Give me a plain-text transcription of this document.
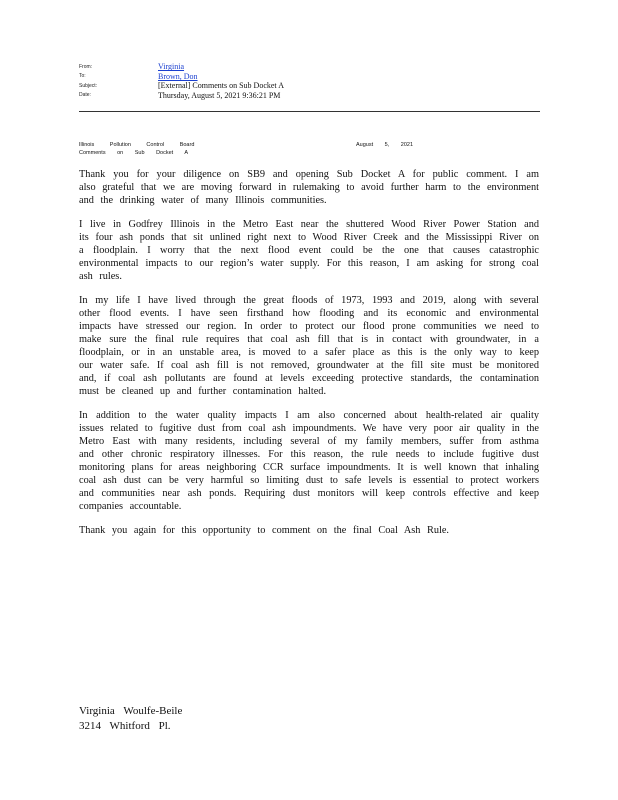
From:	Virginia
To:	Brown, Don
Subject:	[External] Comments on Sub Docket A
Date:	Thursday, August 5, 2021 9:36:21 PM
Illinois Pollution Control Board	August 5, 2021
Comments on Sub Docket A

Thank you for your diligence on SB9 and opening Sub Docket A for public comment. I am also grateful that we are moving forward in rulemaking to avoid further harm to the environment and the drinking water of many Illinois communities.

I live in Godfrey Illinois in the Metro East near the shuttered Wood River Power Station and its four ash ponds that sit unlined right next to Wood River Creek and the Mississippi River on a floodplain. I worry that the next flood event could be the one that causes catastrophic environmental impacts to our region’s water supply. For this reason, I am asking for strong coal ash rules.

In my life I have lived through the great floods of 1973, 1993 and 2019, along with several other flood events. I have seen firsthand how flooding and its economic and environmental impacts have stressed our region. In order to protect our flood prone communities we need to make sure the final rule requires that coal ash fill that is in contact with groundwater, in a floodplain, or in an unstable area, is moved to a safer place as this is the only way to keep our water safe. If coal ash fill is not removed, groundwater at the fill site must be monitored and, if coal ash pollutants are found at levels exceeding protective standards, the contamination must be cleaned up and further contamination halted.

In addition to the water quality impacts I am also concerned about health-related air quality issues related to fugitive dust from coal ash impoundments. We have very poor air quality in the Metro East with many residents, including several of my family members, suffer from asthma and other chronic respiratory illnesses. For this reason, the rule needs to include fugitive dust monitoring plans for areas neighboring CCR surface impoundments. It is well known that inhaling coal ash dust can be very harmful so limiting dust to safe levels is essential to protect workers and communities near ash ponds. Requiring dust monitors will keep controls effective and keep companies accountable.

Thank you again for this opportunity to comment on the final Coal Ash Rule.

Virginia Woulfe-Beile
3214 Whitford Pl.
